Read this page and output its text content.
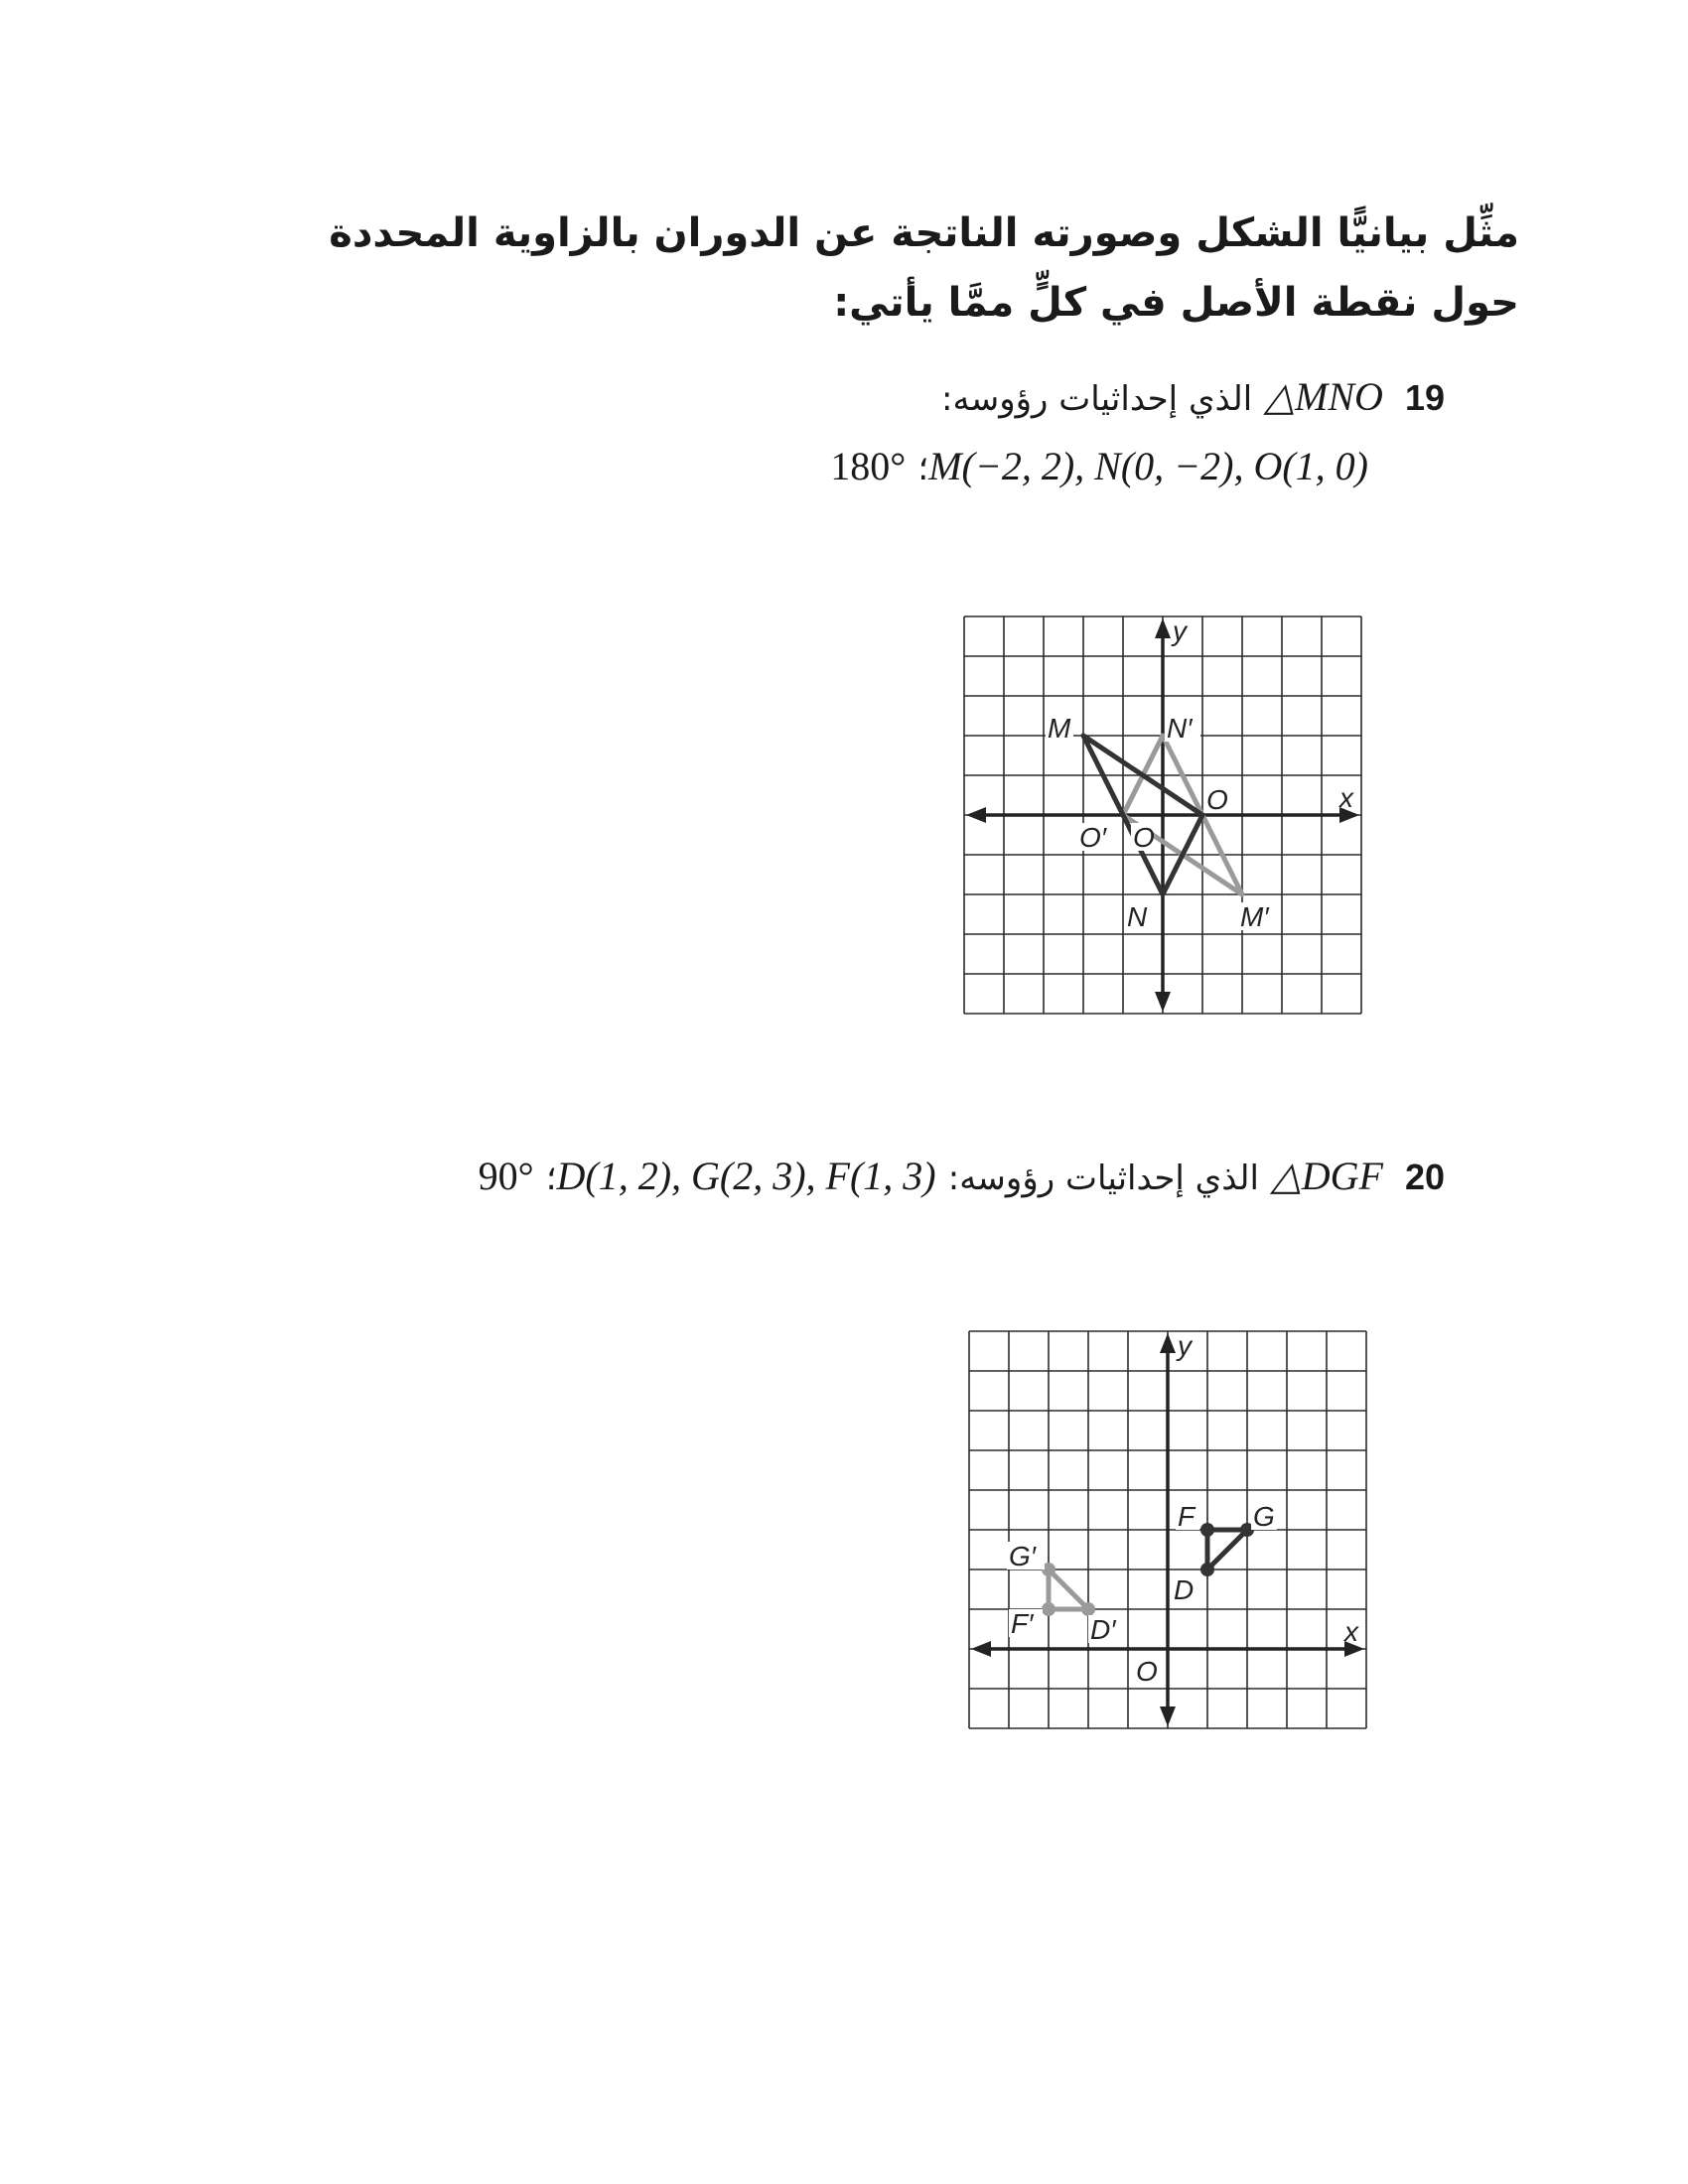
مثِّل بيانيًّا الشكل وصورته الناتجة عن الدوران بالزاوية المحددة
حول نقطة الأصل في كلٍّ ممَّا يأتي:
19△MNO الذي إحداثيات رؤوسه:
M(−2, 2), N(0, −2), O(1, 0)؛ 180°
x
y
M	N′
O
O′ O
N	M′
20△DGF الذي إحداثيات رؤوسه: D(1, 2), G(2, 3), F(1, 3)؛ 90°
x
y
F G
D
G′
F′ D′
O
